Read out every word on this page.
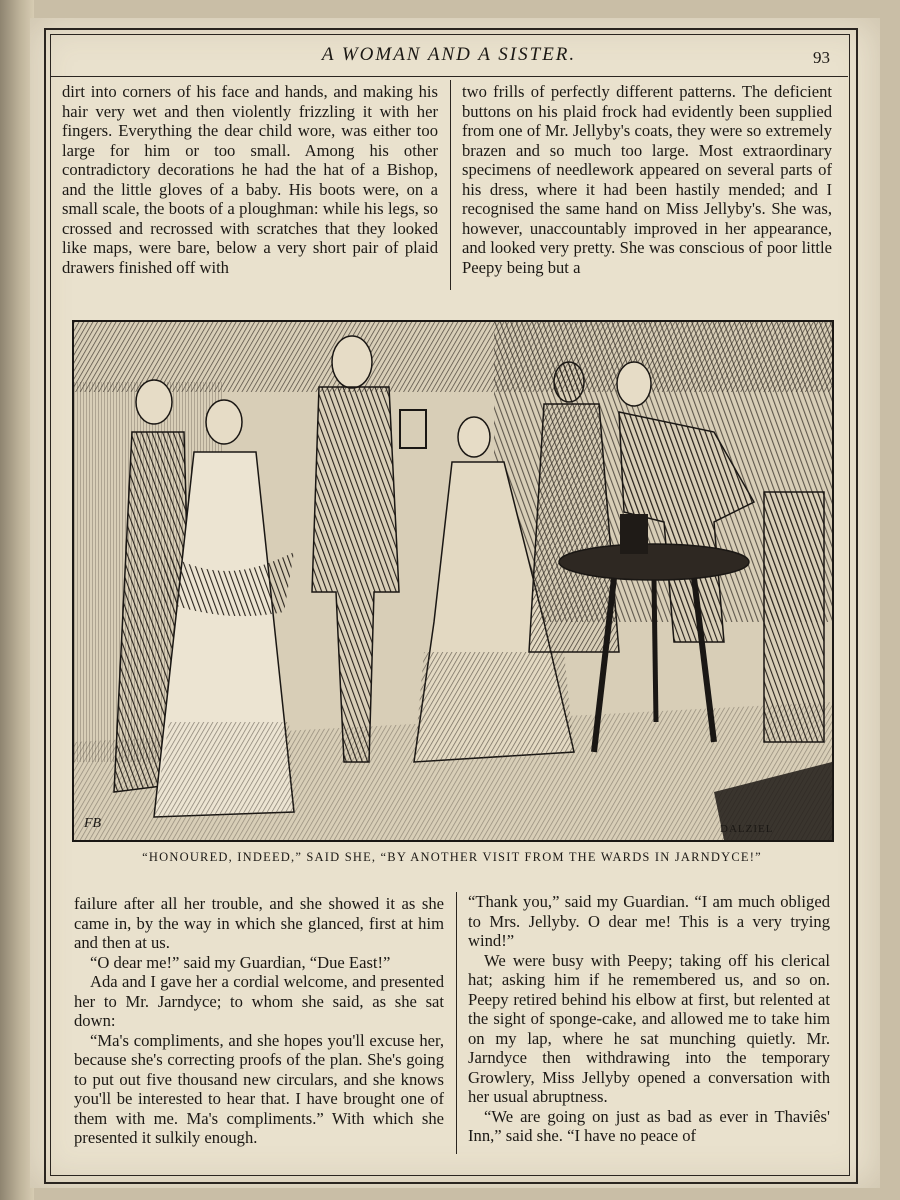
A WOMAN AND A SISTER.	93

dirt into corners of his face and hands, and making his hair very wet and then violently frizzling it with her fingers. Everything the dear child wore, was either too large for him or too small. Among his other contradictory decorations he had the hat of a Bishop, and the little gloves of a baby. His boots were, on a small scale, the boots of a ploughman: while his legs, so crossed and recrossed with scratches that they looked like maps, were bare, below a very short pair of plaid drawers finished off with

two frills of perfectly different patterns. The deficient buttons on his plaid frock had evidently been supplied from one of Mr. Jellyby's coats, they were so extremely brazen and so much too large. Most extraordinary specimens of needlework appeared on several parts of his dress, where it had been hastily mended; and I recognised the same hand on Miss Jellyby's. She was, however, unaccountably improved in her appearance, and looked very pretty. She was conscious of poor little Peepy being but a

FB	DALZIEL
“HONOURED, INDEED,” SAID SHE, “BY ANOTHER VISIT FROM THE WARDS IN JARNDYCE!”

failure after all her trouble, and she showed it as she came in, by the way in which she glanced, first at him and then at us.

“O dear me!” said my Guardian, “Due East!”

Ada and I gave her a cordial welcome, and presented her to Mr. Jarndyce; to whom she said, as she sat down:

“Ma's compliments, and she hopes you'll excuse her, because she's correcting proofs of the plan. She's going to put out five thousand new circulars, and she knows you'll be interested to hear that. I have brought one of them with me. Ma's compliments.” With which she presented it sulkily enough.

“Thank you,” said my Guardian. “I am much obliged to Mrs. Jellyby. O dear me! This is a very trying wind!”

We were busy with Peepy; taking off his clerical hat; asking him if he remembered us, and so on. Peepy retired behind his elbow at first, but relented at the sight of sponge-cake, and allowed me to take him on my lap, where he sat munching quietly. Mr. Jarndyce then withdrawing into the temporary Growlery, Miss Jellyby opened a conversation with her usual abruptness.

“We are going on just as bad as ever in Thaviês' Inn,” said she. “I have no peace of
